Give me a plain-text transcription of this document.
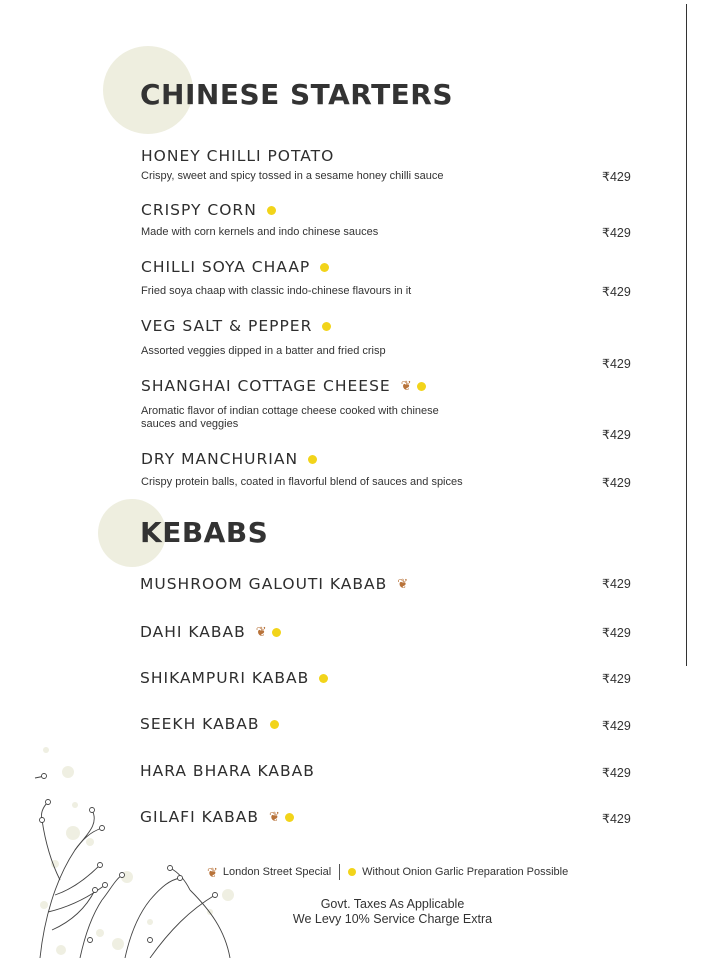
CHINESE STARTERS
HONEY CHILLI POTATO
Crispy, sweet and spicy tossed in a sesame honey chilli sauce	₹429
CRISPY CORN
Made with corn kernels and indo chinese sauces	₹429
CHILLI SOYA CHAAP
Fried soya chaap with classic indo-chinese flavours in it	₹429
VEG SALT & PEPPER
Assorted veggies dipped in a batter and fried crisp
₹429
SHANGHAI COTTAGE CHEESE ❦
Aromatic flavor of indian cottage cheese cooked with chinese sauces and veggies
₹429
DRY MANCHURIAN
Crispy protein balls, coated in flavorful blend of sauces and spices	₹429
KEBABS
MUSHROOM GALOUTI KABAB ❦	₹429
DAHI KABAB ❦	₹429
SHIKAMPURI KABAB	₹429
SEEKH KABAB	₹429
HARA BHARA KABAB	₹429
GILAFI KABAB ❦	₹429
❦ London Street Special	Without Onion Garlic Preparation Possible
Govt. Taxes As Applicable
We Levy 10% Service Charge Extra
